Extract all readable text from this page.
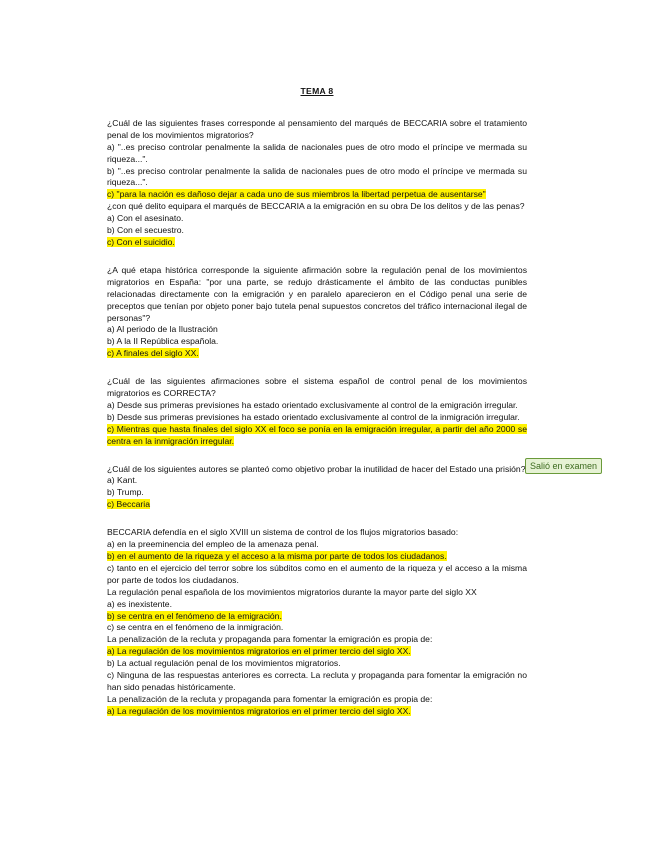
TEMA 8
¿Cuál de las siguientes frases corresponde al pensamiento del marqués de BECCARIA sobre el tratamiento penal de los movimientos migratorios?
a) "..es preciso controlar penalmente la salida de nacionales pues de otro modo el príncipe ve mermada su riqueza...".
b) "..es preciso controlar penalmente la salida de nacionales pues de otro modo el príncipe ve mermada su riqueza...".
c) "para la nación es dañoso dejar a cada uno de sus miembros la libertad perpetua de ausentarse"
¿con qué delito equipara el marqués de BECCARIA a la emigración en su obra De los delitos y de las penas?
a) Con el asesinato.
b) Con el secuestro.
c) Con el suicidio.
¿A qué etapa histórica corresponde la siguiente afirmación sobre la regulación penal de los movimientos migratorios en España: "por una parte, se redujo drásticamente el ámbito de las conductas punibles relacionadas directamente con la emigración y en paralelo aparecieron en el Código penal una serie de preceptos que tenían por objeto poner bajo tutela penal supuestos concretos del tráfico internacional ilegal de personas"?
a) Al periodo de la Ilustración
b) A la II República española.
c) A finales del siglo XX.
¿Cuál de las siguientes afirmaciones sobre el sistema español de control penal de los movimientos migratorios es CORRECTA?
a) Desde sus primeras previsiones ha estado orientado exclusivamente al control de la emigración irregular.
b) Desde sus primeras previsiones ha estado orientado exclusivamente al control de la inmigración irregular.
c) Mientras que hasta finales del siglo XX el foco se ponía en la emigración irregular, a partir del año 2000 se centra en la inmigración irregular.
¿Cuál de los siguientes autores se planteó como objetivo probar la inutilidad de hacer del Estado una prisión?
a) Kant.
b) Trump.
c) Beccaria
BECCARIA defendía en el siglo XVIII un sistema de control de los flujos migratorios basado:
a) en la preeminencia del empleo de la amenaza penal.
b) en el aumento de la riqueza y el acceso a la misma por parte de todos los ciudadanos.
c) tanto en el ejercicio del terror sobre los súbditos como en el aumento de la riqueza y el acceso a la misma por parte de todos los ciudadanos.
La regulación penal española de los movimientos migratorios durante la mayor parte del siglo XX
a) es inexistente.
b) se centra en el fenómeno de la emigración.
c) se centra en el fenómeno de la inmigración.
La penalización de la recluta y propaganda para fomentar la emigración es propia de:
a) La regulación de los movimientos migratorios en el primer tercio del siglo XX.
b) La actual regulación penal de los movimientos migratorios.
c) Ninguna de las respuestas anteriores es correcta. La recluta y propaganda para fomentar la emigración no han sido penadas históricamente.
La penalización de la recluta y propaganda para fomentar la emigración es propia de:
a) La regulación de los movimientos migratorios en el primer tercio del siglo XX.
Salió en examen
